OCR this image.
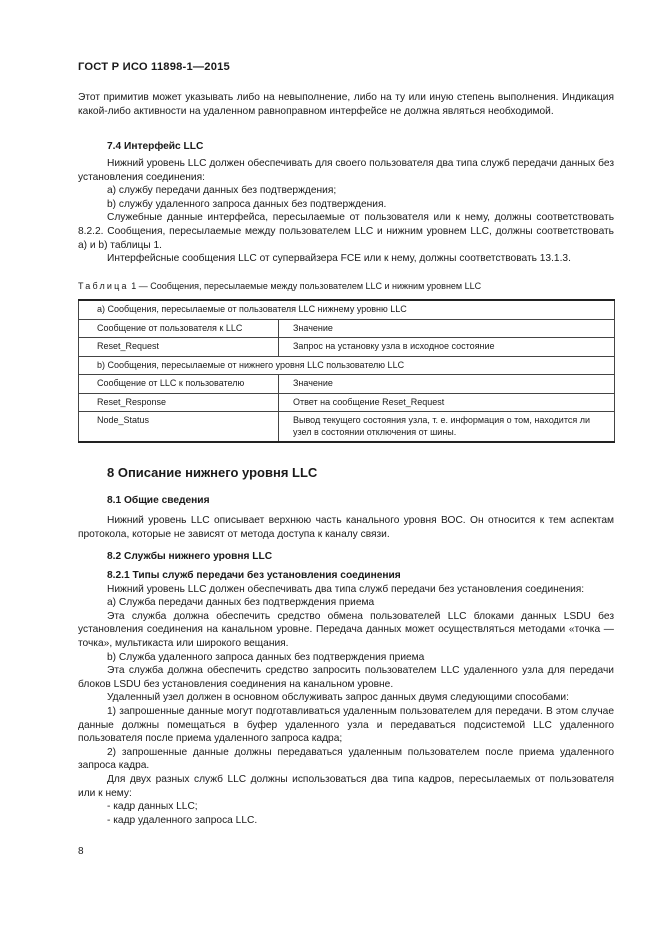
ГОСТ Р ИСО 11898-1—2015

Этот примитив может указывать либо на невыполнение, либо на ту или иную степень выполнения. Индикация какой-либо активности на удаленном равноправном интерфейсе не должна являться необходимой.

7.4 Интерфейс LLC

Нижний уровень LLC должен обеспечивать для своего пользователя два типа служб передачи данных без установления соединения:

a) службу передачи данных без подтверждения;

b) службу удаленного запроса данных без подтверждения.

Служебные данные интерфейса, пересылаемые от пользователя или к нему, должны соответствовать 8.2.2. Сообщения, пересылаемые между пользователем LLC и нижним уровнем LLC, должны соответствовать a) и b) таблицы 1.

Интерфейсные сообщения LLC от супервайзера FCE или к нему, должны соответствовать 13.1.3.

Таблица 1 — Сообщения, пересылаемые между пользователем LLC и нижним уровнем LLC
a) Сообщения, пересылаемые от пользователя LLC нижнему уровню LLC	
Сообщение от пользователя к LLC	Значение
Reset_Request	Запрос на установку узла в исходное состояние
b) Сообщения, пересылаемые от нижнего уровня LLC пользователю LLC	
Сообщение от LLC к пользователю	Значение
Reset_Response	Ответ на сообщение Reset_Request
Node_Status	Вывод текущего состояния узла, т. е. информация о том, находится ли узел в состоянии отключения от шины.
8 Описание нижнего уровня LLC
8.1 Общие сведения

Нижний уровень LLC описывает верхнюю часть канального уровня ВОС. Он относится к тем аспектам протокола, которые не зависят от метода доступа к каналу связи.

8.2 Службы нижнего уровня LLC

8.2.1 Типы служб передачи без установления соединения

Нижний уровень LLC должен обеспечивать два типа служб передачи без установления соединения:

a) Служба передачи данных без подтверждения приема

Эта служба должна обеспечить средство обмена пользователей LLC блоками данных LSDU без установления соединения на канальном уровне. Передача данных может осуществляться методами «точка — точка», мультикаста или широкого вещания.

b) Служба удаленного запроса данных без подтверждения приема

Эта служба должна обеспечить средство запросить пользователем LLC удаленного узла для передачи блоков LSDU без установления соединения на канальном уровне.

Удаленный узел должен в основном обслуживать запрос данных двумя следующими способами:

1) запрошенные данные могут подготавливаться удаленным пользователем для передачи. В этом случае данные должны помещаться в буфер удаленного узла и передаваться подсистемой LLC удаленного пользователя после приема удаленного запроса кадра;

2) запрошенные данные должны передаваться удаленным пользователем после приема удаленного запроса кадра.

Для двух разных служб LLC должны использоваться два типа кадров, пересылаемых от пользователя или к нему:

- кадр данных LLC;

- кадр удаленного запроса LLC.

8
